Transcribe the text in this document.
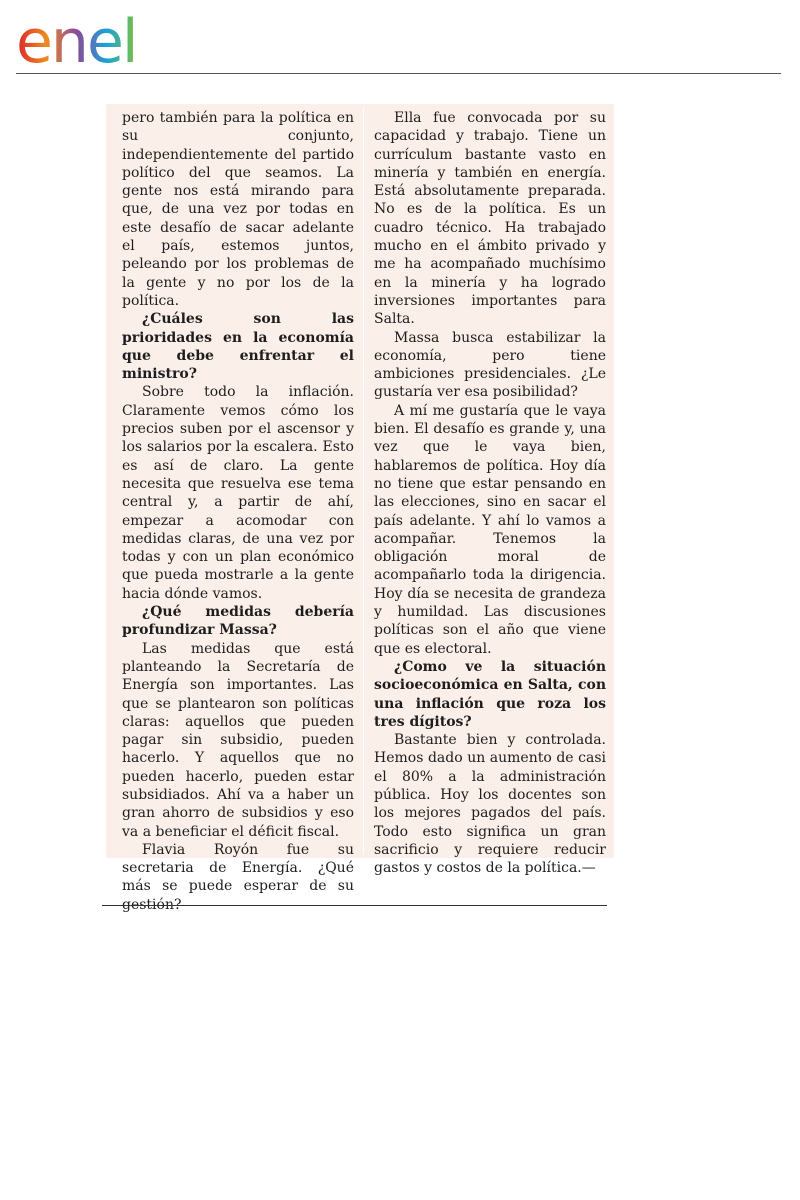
enel

pero también para la política en su conjunto, independientemente del partido político del que seamos. La gente nos está mirando para que, de una vez por todas en este desafío de sacar adelante el país, estemos juntos, peleando por los problemas de la gente y no por los de la política.

¿Cuáles son las prioridades en la economía que debe enfrentar el ministro?

Sobre todo la inflación. Claramente vemos cómo los precios suben por el ascensor y los salarios por la escalera. Esto es así de claro. La gente necesita que resuelva ese tema central y, a partir de ahí, empezar a acomodar con medidas claras, de una vez por todas y con un plan económico que pueda mostrarle a la gente hacia dónde vamos.

¿Qué medidas debería profundizar Massa?

Las medidas que está planteando la Secretaría de Energía son importantes. Las que se plantearon son políticas claras: aquellos que pueden pagar sin subsidio, pueden hacerlo. Y aquellos que no pueden hacerlo, pueden estar subsidiados. Ahí va a haber un gran ahorro de subsidios y eso va a beneficiar el déficit fiscal.

Flavia Royón fue su secretaria de Energía. ¿Qué más se puede esperar de su gestión?

Ella fue convocada por su capacidad y trabajo. Tiene un currículum bastante vasto en minería y también en energía. Está absolutamente preparada. No es de la política. Es un cuadro técnico. Ha trabajado mucho en el ámbito privado y me ha acompañado muchísimo en la minería y ha logrado inversiones importantes para Salta.

Massa busca estabilizar la economía, pero tiene ambiciones presidenciales. ¿Le gustaría ver esa posibilidad?

A mí me gustaría que le vaya bien. El desafío es grande y, una vez que le vaya bien, hablaremos de política. Hoy día no tiene que estar pensando en las elecciones, sino en sacar el país adelante. Y ahí lo vamos a acompañar. Tenemos la obligación moral de acompañarlo toda la dirigencia. Hoy día se necesita de grandeza y humildad. Las discusiones políticas son el año que viene que es electoral.

¿Como ve la situación socioeconómica en Salta, con una inflación que roza los tres dígitos?

Bastante bien y controlada. Hemos dado un aumento de casi el 80% a la administración pública. Hoy los docentes son los mejores pagados del país. Todo esto significa un gran sacrificio y requiere reducir gastos y costos de la política.—
